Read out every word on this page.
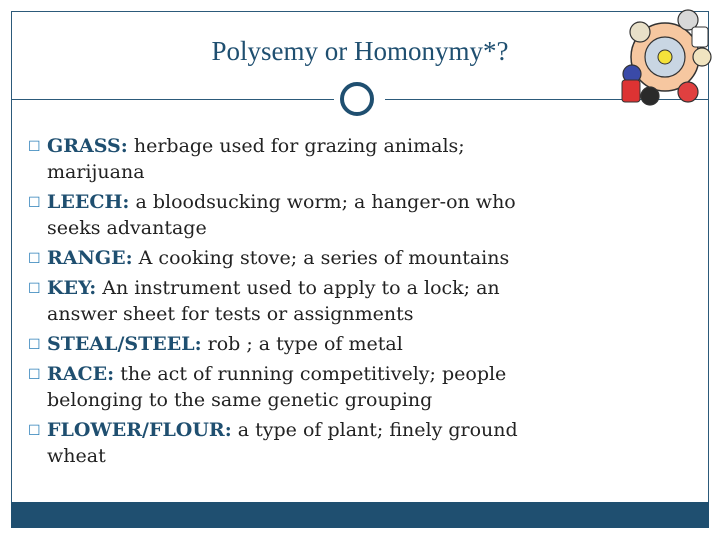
Polysemy or Homonymy*?
☐ GRASS: herbage used for grazing animals; marijuana
☐ LEECH: a bloodsucking worm; a hanger-on who seeks advantage
☐ RANGE: A cooking stove; a series of mountains
☐ KEY: An instrument used to apply to a lock; an answer sheet for tests or assignments
☐ STEAL/STEEL: rob ; a type of metal
☐ RACE: the act of running competitively; people belonging to the same genetic grouping
☐ FLOWER/FLOUR: a type of plant; finely ground wheat
